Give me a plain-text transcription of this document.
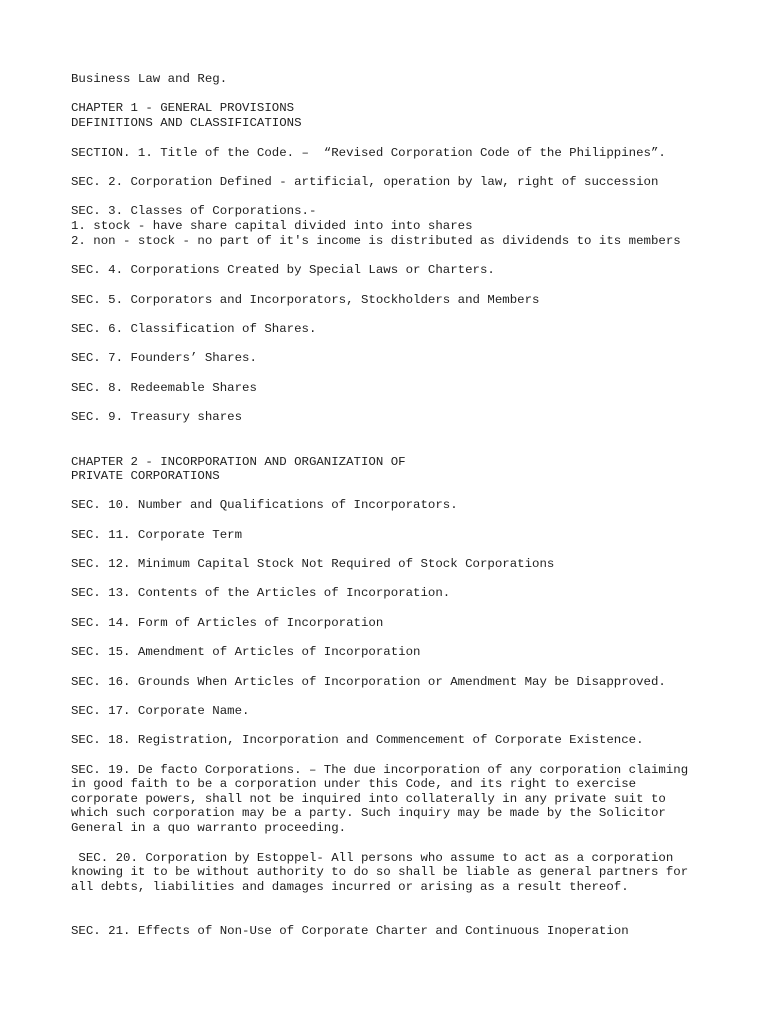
Business Law and Reg.
CHAPTER 1 - GENERAL PROVISIONS
DEFINITIONS AND CLASSIFICATIONS
SECTION. 1. Title of the Code. –  “Revised Corporation Code of the Philippines”.
SEC. 2. Corporation Defined - artificial, operation by law, right of succession
SEC. 3. Classes of Corporations.-
1. stock - have share capital divided into into shares
2. non - stock - no part of it's income is distributed as dividends to its members
SEC. 4. Corporations Created by Special Laws or Charters.
SEC. 5. Corporators and Incorporators, Stockholders and Members
SEC. 6. Classification of Shares.
SEC. 7. Founders’ Shares.
SEC. 8. Redeemable Shares
SEC. 9. Treasury shares
CHAPTER 2 - INCORPORATION AND ORGANIZATION OF
PRIVATE CORPORATIONS
SEC. 10. Number and Qualifications of Incorporators.
SEC. 11. Corporate Term
SEC. 12. Minimum Capital Stock Not Required of Stock Corporations
SEC. 13. Contents of the Articles of Incorporation.
SEC. 14. Form of Articles of Incorporation
SEC. 15. Amendment of Articles of Incorporation
SEC. 16. Grounds When Articles of Incorporation or Amendment May be Disapproved.
SEC. 17. Corporate Name.
SEC. 18. Registration, Incorporation and Commencement of Corporate Existence.
SEC. 19. De facto Corporations. – The due incorporation of any corporation claiming
in good faith to be a corporation under this Code, and its right to exercise
corporate powers, shall not be inquired into collaterally in any private suit to
which such corporation may be a party. Such inquiry may be made by the Solicitor
General in a quo warranto proceeding.
SEC. 20. Corporation by Estoppel- All persons who assume to act as a corporation
knowing it to be without authority to do so shall be liable as general partners for
all debts, liabilities and damages incurred or arising as a result thereof.
SEC. 21. Effects of Non-Use of Corporate Charter and Continuous Inoperation
